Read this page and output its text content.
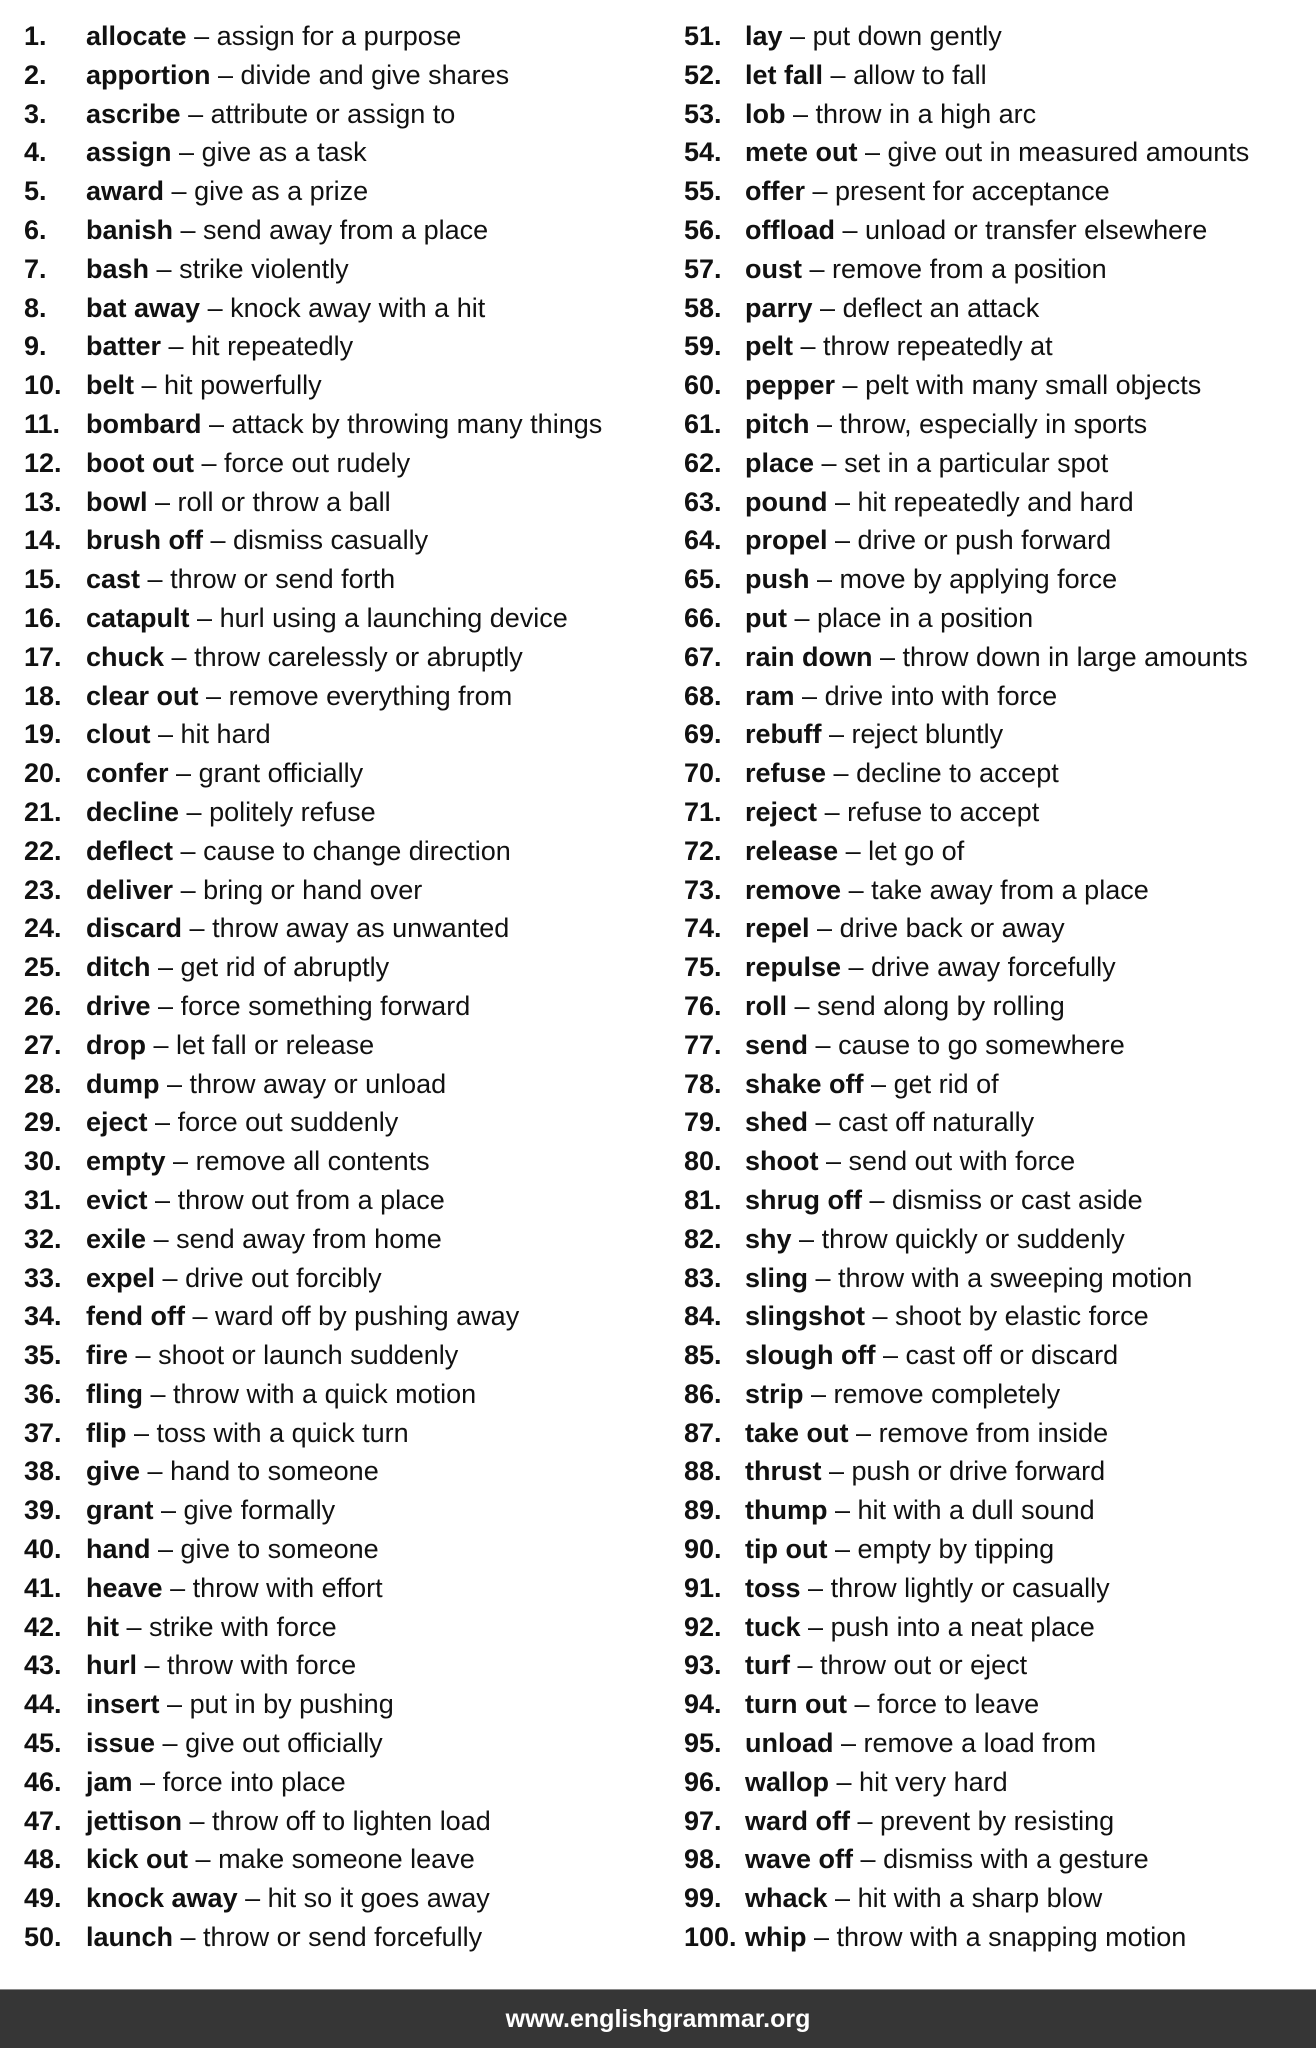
1.	allocate – assign for a purpose
2.	apportion – divide and give shares
3.	ascribe – attribute or assign to
4.	assign – give as a task
5.	award – give as a prize
6.	banish – send away from a place
7.	bash – strike violently
8.	bat away – knock away with a hit
9.	batter – hit repeatedly
10. belt – hit powerfully
11. bombard – attack by throwing many things
12. boot out – force out rudely
13. bowl – roll or throw a ball
14. brush off – dismiss casually
15. cast – throw or send forth
16. catapult – hurl using a launching device
17. chuck – throw carelessly or abruptly
18. clear out – remove everything from
19. clout – hit hard
20. confer – grant officially
21. decline – politely refuse
22. deflect – cause to change direction
23. deliver – bring or hand over
24. discard – throw away as unwanted
25. ditch – get rid of abruptly
26. drive – force something forward
27. drop – let fall or release
28. dump – throw away or unload
29. eject – force out suddenly
30. empty – remove all contents
31. evict – throw out from a place
32. exile – send away from home
33. expel – drive out forcibly
34. fend off – ward off by pushing away
35. fire – shoot or launch suddenly
36. fling – throw with a quick motion
37. flip – toss with a quick turn
38. give – hand to someone
39. grant – give formally
40. hand – give to someone
41. heave – throw with effort
42. hit – strike with force
43. hurl – throw with force
44. insert – put in by pushing
45. issue – give out officially
46. jam – force into place
47. jettison – throw off to lighten load
48. kick out – make someone leave
49. knock away – hit so it goes away
50. launch – throw or send forcefully
51. lay – put down gently
52. let fall – allow to fall
53. lob – throw in a high arc
54. mete out – give out in measured amounts
55. offer – present for acceptance
56. offload – unload or transfer elsewhere
57. oust – remove from a position
58. parry – deflect an attack
59. pelt – throw repeatedly at
60. pepper – pelt with many small objects
61. pitch – throw, especially in sports
62. place – set in a particular spot
63. pound – hit repeatedly and hard
64. propel – drive or push forward
65. push – move by applying force
66. put – place in a position
67. rain down – throw down in large amounts
68. ram – drive into with force
69. rebuff – reject bluntly
70. refuse – decline to accept
71. reject – refuse to accept
72. release – let go of
73. remove – take away from a place
74. repel – drive back or away
75. repulse – drive away forcefully
76. roll – send along by rolling
77. send – cause to go somewhere
78. shake off – get rid of
79. shed – cast off naturally
80. shoot – send out with force
81. shrug off – dismiss or cast aside
82. shy – throw quickly or suddenly
83. sling – throw with a sweeping motion
84. slingshot – shoot by elastic force
85. slough off – cast off or discard
86. strip – remove completely
87. take out – remove from inside
88. thrust – push or drive forward
89. thump – hit with a dull sound
90. tip out – empty by tipping
91. toss – throw lightly or casually
92. tuck – push into a neat place
93. turf – throw out or eject
94. turn out – force to leave
95. unload – remove a load from
96. wallop – hit very hard
97. ward off – prevent by resisting
98. wave off – dismiss with a gesture
99. whack – hit with a sharp blow
100. whip – throw with a snapping motion
www.englishgrammar.org
